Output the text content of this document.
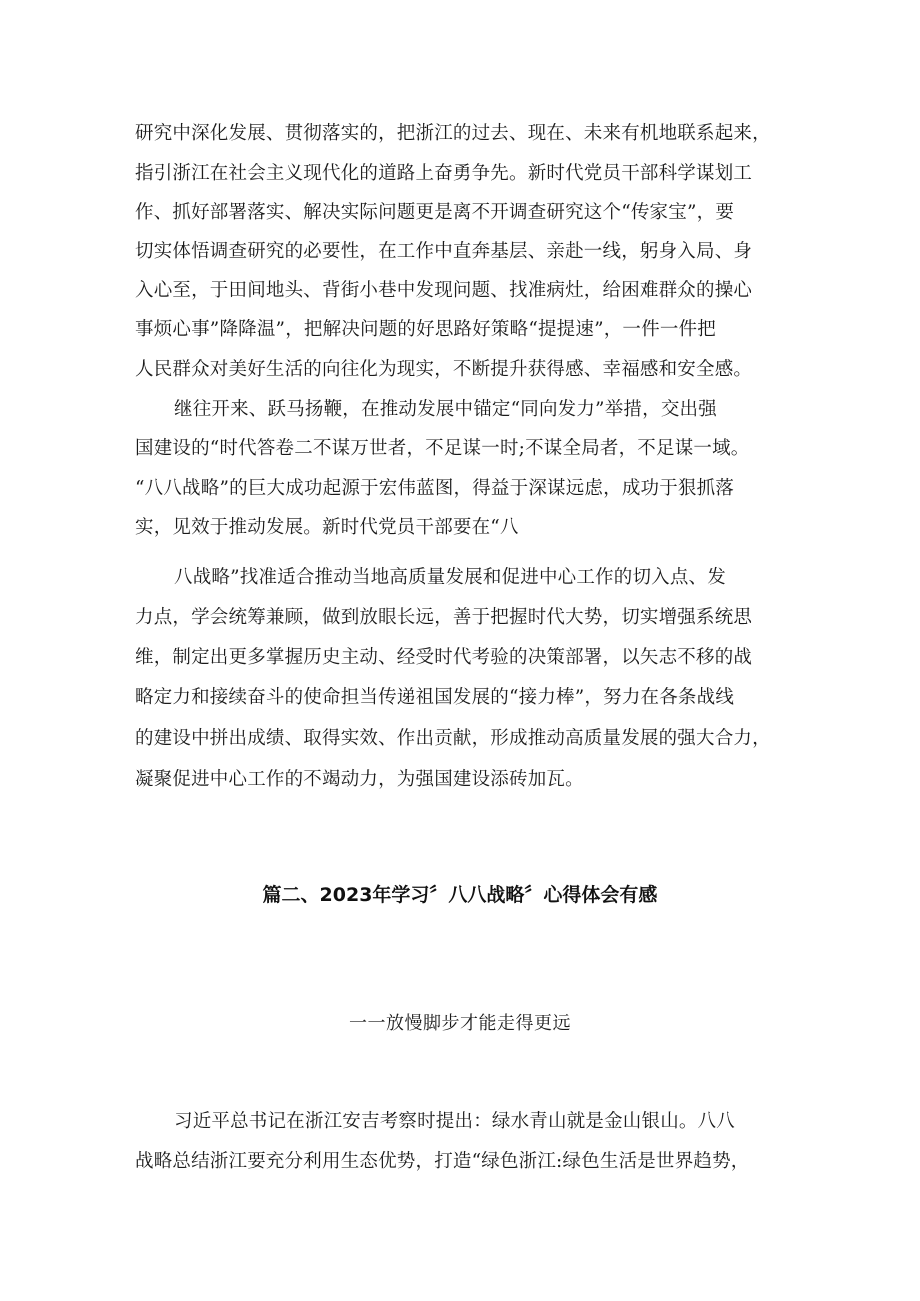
研究中深化发展、贯彻落实的，把浙江的过去、现在、未来有机地联系起来，
指引浙江在社会主义现代化的道路上奋勇争先。新时代党员干部科学谋划工
作、抓好部署落实、解决实际问题更是离不开调查研究这个“传家宝”，要
切实体悟调查研究的必要性，在工作中直奔基层、亲赴一线，躬身入局、身
入心至，于田间地头、背街小巷中发现问题、找准病灶，给困难群众的操心
事烦心事”降降温”，把解决问题的好思路好策略“提提速”，一件一件把
人民群众对美好生活的向往化为现实，不断提升获得感、幸福感和安全感。
继往开来、跃马扬鞭，在推动发展中锚定“同向发力”举措，交出强
国建设的“时代答卷二不谋万世者，不足谋一时;不谋全局者，不足谋一域。
“八八战略”的巨大成功起源于宏伟蓝图，得益于深谋远虑，成功于狠抓落
实，见效于推动发展。新时代党员干部要在“八
八战略”找准适合推动当地高质量发展和促进中心工作的切入点、发
力点，学会统筹兼顾，做到放眼长远，善于把握时代大势，切实增强系统思
维，制定出更多掌握历史主动、经受时代考验的决策部署，以矢志不移的战
略定力和接续奋斗的使命担当传递祖国发展的“接力棒”，努力在各条战线
的建设中拼出成绩、取得实效、作出贡献，形成推动高质量发展的强大合力，
凝聚促进中心工作的不竭动力，为强国建设添砖加瓦。
篇二、2023年学习〞八八战略〞心得体会有感
一一放慢脚步才能走得更远
习近平总书记在浙江安吉考察时提出：绿水青山就是金山银山。八八
战略总结浙江要充分利用生态优势，打造“绿色浙江:绿色生活是世界趋势，
